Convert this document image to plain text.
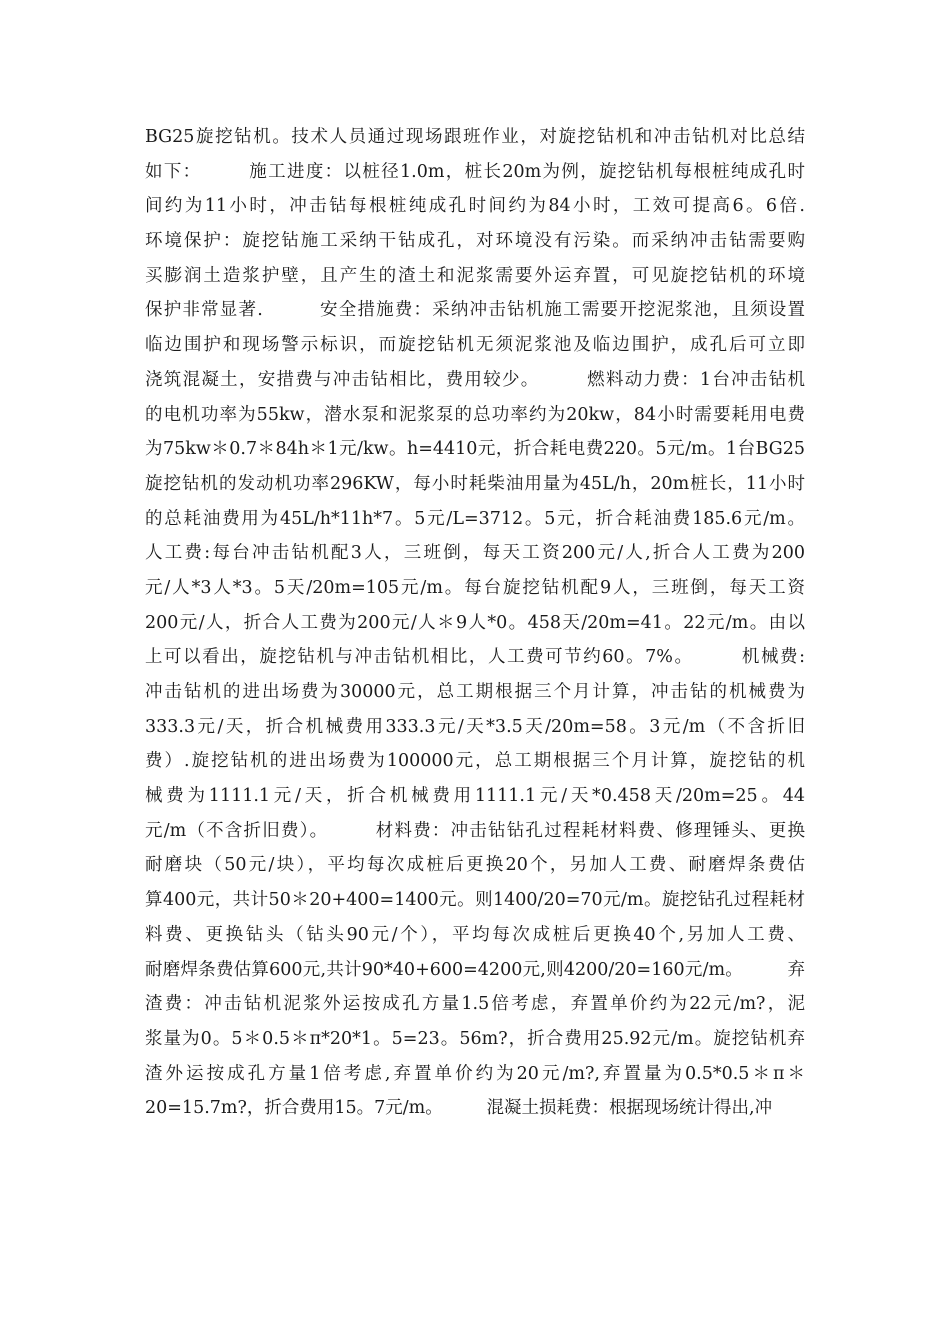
BG25旋挖钻机。技术人员通过现场跟班作业，对旋挖钻机和冲击钻机对比总结
如下：　　　施工进度：以桩径1.0m，桩长20m为例，旋挖钻机每根桩纯成孔时
间约为11小时，冲击钻每根桩纯成孔时间约为84小时，工效可提高6。6倍.
环境保护：旋挖钻施工采纳干钻成孔，对环境没有污染。而采纳冲击钻需要购
买膨润土造浆护壁，且产生的渣土和泥浆需要外运弃置，可见旋挖钻机的环境
保护非常显著.　　　安全措施费：采纳冲击钻机施工需要开挖泥浆池，且须设置
临边围护和现场警示标识，而旋挖钻机无须泥浆池及临边围护，成孔后可立即
浇筑混凝土，安措费与冲击钻相比，费用较少。　　　燃料动力费：1台冲击钻机
的电机功率为55kw，潜水泵和泥浆泵的总功率约为20kw，84小时需要耗用电费
为75kw＊0.7＊84h＊1元/kw。h=4410元，折合耗电费220。5元/m。1台BG25
旋挖钻机的发动机功率296KW，每小时耗柴油用量为45L/h，20m桩长，11小时
的总耗油费用为45L/h*11h*7。5元/L=3712。5元，折合耗油费185.6元/m。
人工费:每台冲击钻机配3人，三班倒，每天工资200元/人,折合人工费为200
元/人*3人*3。5天/20m=105元/m。每台旋挖钻机配9人，三班倒，每天工资
200元/人，折合人工费为200元/人＊9人*0。458天/20m=41。22元/m。由以
上可以看出，旋挖钻机与冲击钻机相比，人工费可节约60。7%。　　　机械费:
冲击钻机的进出场费为30000元，总工期根据三个月计算，冲击钻的机械费为
333.3元/天，折合机械费用333.3元/天*3.5天/20m=58。3元/m（不含折旧
费）.旋挖钻机的进出场费为100000元，总工期根据三个月计算，旋挖钻的机
械费为1111.1元/天，折合机械费用1111.1元/天*0.458天/20m=25。44
元/m（不含折旧费）。　　　材料费：冲击钻钻孔过程耗材料费、修理锤头、更换
耐磨块（50元/块），平均每次成桩后更换20个，另加人工费、耐磨焊条费估
算400元，共计50＊20+400=1400元。则1400/20=70元/m。旋挖钻孔过程耗材
料费、更换钻头（钻头90元/个），平均每次成桩后更换40个,另加人工费、
耐磨焊条费估算600元,共计90*40+600=4200元,则4200/20=160元/m。　　　弃
渣费：冲击钻机泥浆外运按成孔方量1.5倍考虑，弃置单价约为22元/m?，泥
浆量为0。5＊0.5＊π*20*1。5=23。56m?，折合费用25.92元/m。旋挖钻机弃
渣外运按成孔方量1倍考虑,弃置单价约为20元/m?,弃置量为0.5*0.5＊π＊
20=15.7m?，折合费用15。7元/m。　　　混凝土损耗费：根据现场统计得出,冲
